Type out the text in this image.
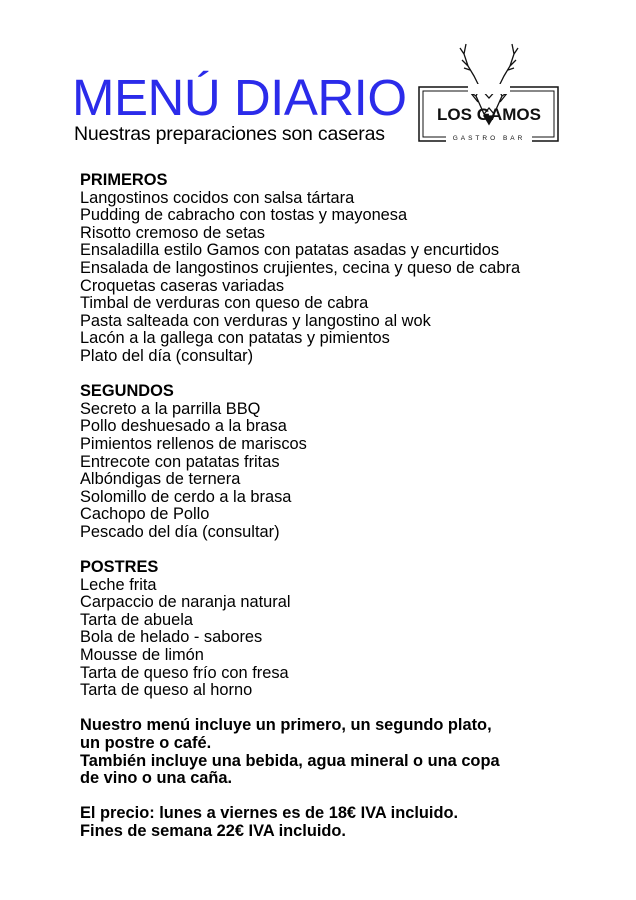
MENÚ DIARIO
Nuestras preparaciones son caseras
LOS GAMOS
GASTRO BAR
PRIMEROS
Langostinos cocidos con salsa tártara
Pudding de cabracho con tostas y mayonesa
Risotto cremoso de setas
Ensaladilla estilo Gamos con patatas asadas y encurtidos
Ensalada de langostinos crujientes, cecina y queso de cabra
Croquetas caseras variadas
Timbal de verduras con queso de cabra
Pasta salteada con verduras y langostino al wok
Lacón a la gallega con patatas y pimientos
Plato del día (consultar)
SEGUNDOS
Secreto a la parrilla BBQ
Pollo deshuesado a la brasa
Pimientos rellenos de mariscos
Entrecote con patatas fritas
Albóndigas de ternera
Solomillo de cerdo a la brasa
Cachopo de Pollo
Pescado del día (consultar)
POSTRES
Leche frita
Carpaccio de naranja natural
Tarta de abuela
Bola de helado - sabores
Mousse de limón
Tarta de queso frío con fresa
Tarta de queso al horno

Nuestro menú incluye un primero, un segundo plato,
un postre o café.
También incluye una bebida, agua mineral o una copa
de vino o una caña.

El precio: lunes a viernes es de 18€ IVA incluido.
Fines de semana 22€ IVA incluido.
